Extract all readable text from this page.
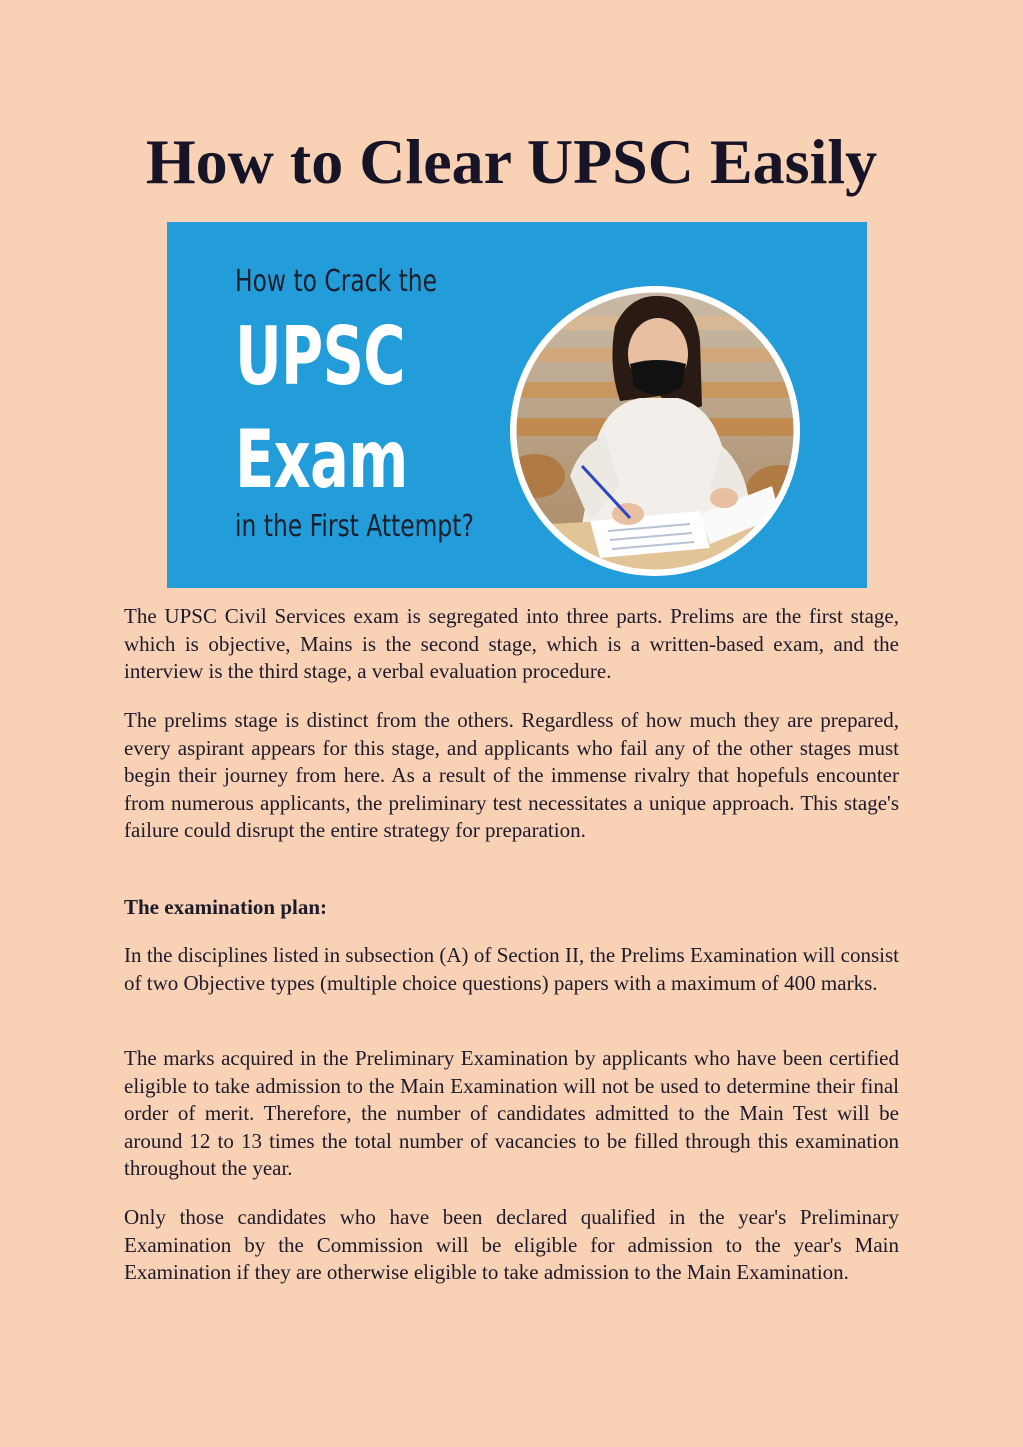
How to Clear UPSC Easily
How to Crack the
UPSC
Exam
in the First Attempt?

The UPSC Civil Services exam is segregated into three parts. Prelims are the first stage, which is objective, Mains is the second stage, which is a written-based exam, and the interview is the third stage, a verbal evaluation procedure.

The prelims stage is distinct from the others. Regardless of how much they are prepared, every aspirant appears for this stage, and applicants who fail any of the other stages must begin their journey from here. As a result of the immense rivalry that hopefuls encounter from numerous applicants, the preliminary test necessitates a unique approach. This stage's failure could disrupt the entire strategy for preparation.

The examination plan:

In the disciplines listed in subsection (A) of Section II, the Prelims Examination will consist of two Objective types (multiple choice questions) papers with a maximum of 400 marks.

The marks acquired in the Preliminary Examination by applicants who have been certified eligible to take admission to the Main Examination will not be used to determine their final order of merit. Therefore, the number of candidates admitted to the Main Test will be around 12 to 13 times the total number of vacancies to be filled through this examination throughout the year.

Only those candidates who have been declared qualified in the year's Preliminary Examination by the Commission will be eligible for admission to the year's Main Examination if they are otherwise eligible to take admission to the Main Examination.
